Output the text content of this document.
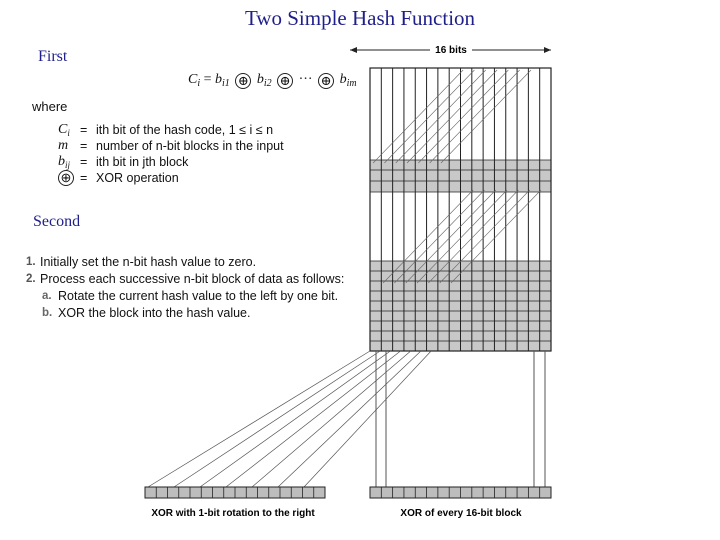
Two Simple Hash Function
First
Second
$C_i = b_{i1}$ ⊕ $b_{i2}$ ⊕ ··· ⊕ $b_{im}$
where
$C_i$ = ith bit of the hash code, 1 ≤ i ≤ n
m = number of n-bit blocks in the input
$b_{ij}$ = ith bit in jth block
⊕ = XOR operation
1. Initially set the n-bit hash value to zero.
2. Process each successive n-bit block of data as follows:
a. Rotate the current hash value to the left by one bit.
b. XOR the block into the hash value.
16 bits
XOR with 1-bit rotation to the right	XOR of every 16-bit block
